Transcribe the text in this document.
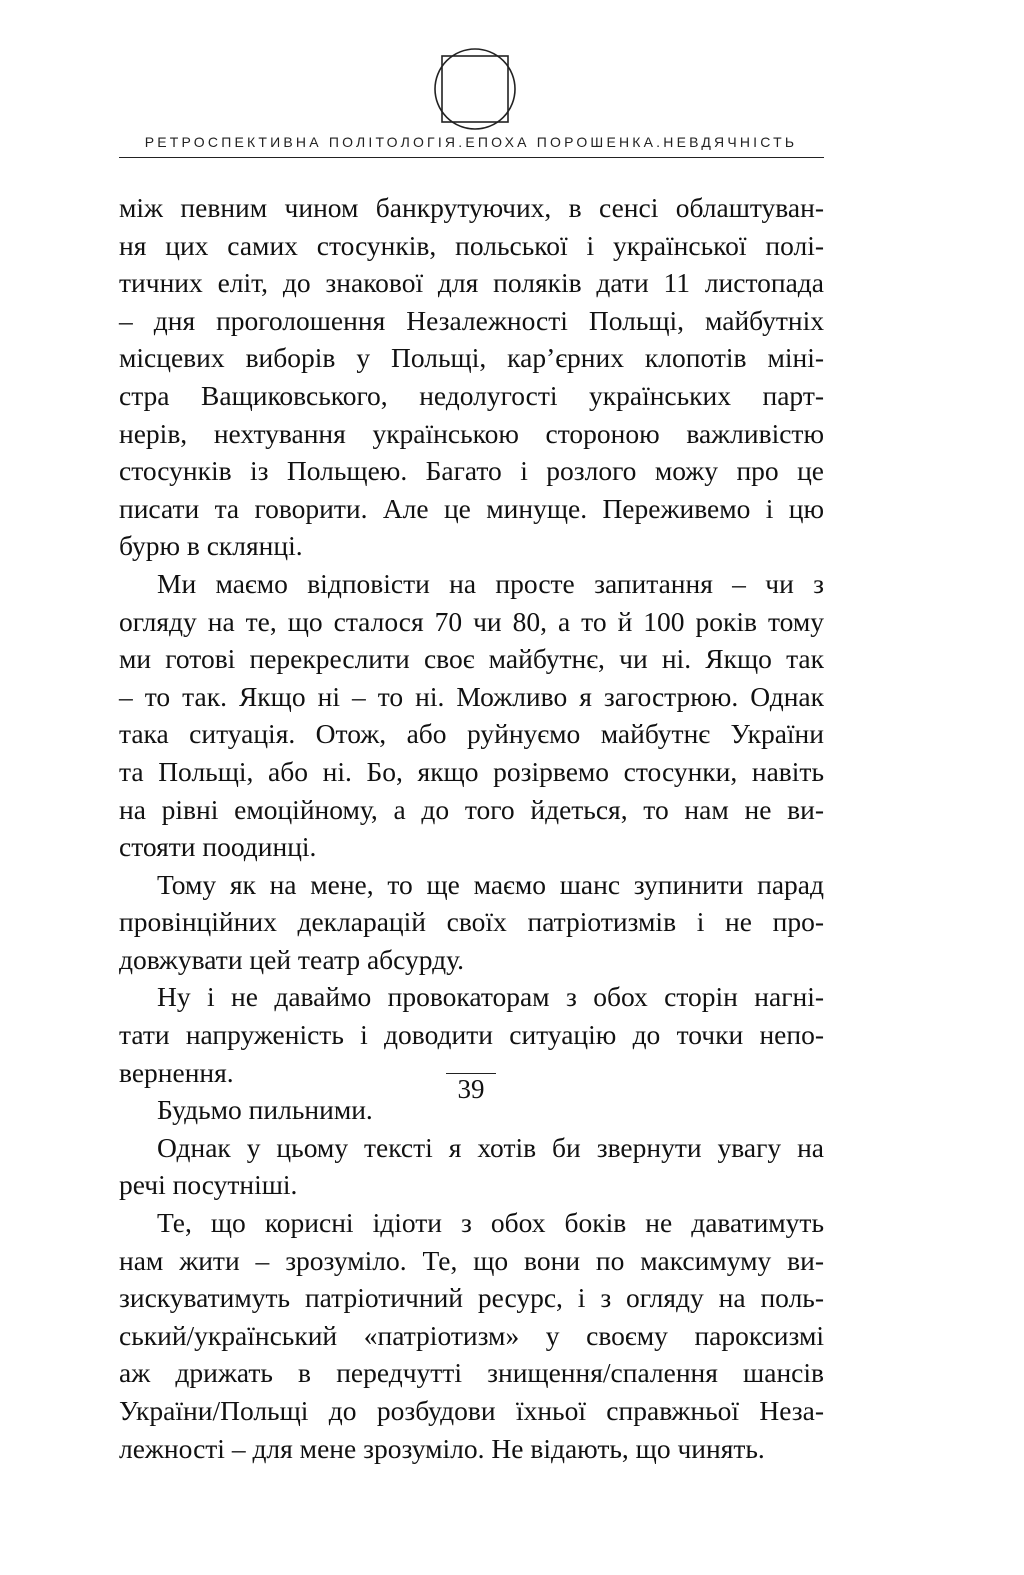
РЕТРОСПЕКТИВНА ПОЛІТОЛОГІЯ.ЕПОХА ПОРОШЕНКА.НЕВДЯЧНІСТЬ
між певним чином банкрутуючих, в сенсі облаштуван-
ня цих самих стосунків, польської і української полі-
тичних еліт, до знакової для поляків дати 11 листопада
– дня проголошення Незалежності Польщі, майбутніх
місцевих виборів у Польщі, кар’єрних клопотів міні-
стра Ващиковського, недолугості українських парт-
нерів, нехтування українською стороною важливістю
стосунків із Польщею. Багато і розлого можу про це
писати та говорити. Але це минуще. Переживемо і цю
бурю в склянці.
Ми маємо відповісти на просте запитання – чи з
огляду на те, що сталося 70 чи 80, а то й 100 років тому
ми готові перекреслити своє майбутнє, чи ні. Якщо так
– то так. Якщо ні – то ні. Можливо я загострюю. Однак
така ситуація. Отож, або руйнуємо майбутнє України
та Польщі, або ні. Бо, якщо розірвемо стосунки, навіть
на рівні емоційному, а до того йдеться, то нам не ви-
стояти поодинці.
Тому як на мене, то ще маємо шанс зупинити парад
провінційних декларацій своїх патріотизмів і не про-
довжувати цей театр абсурду.
Ну і не даваймо провокаторам з обох сторін нагні-
тати напруженість і доводити ситуацію до точки непо-
вернення.
Будьмо пильними.
Однак у цьому тексті я хотів би звернути увагу на
речі посутніші.
Те, що корисні ідіоти з обох боків не даватимуть
нам жити – зрозуміло. Те, що вони по максимуму ви-
зискуватимуть патріотичний ресурс, і з огляду на поль-
ський/український «патріотизм» у своєму пароксизмі
аж дрижать в передчутті знищення/спалення шансів
України/Польщі до розбудови їхньої справжньої Неза-
лежності – для мене зрозуміло. Не відають, що чинять.
39
